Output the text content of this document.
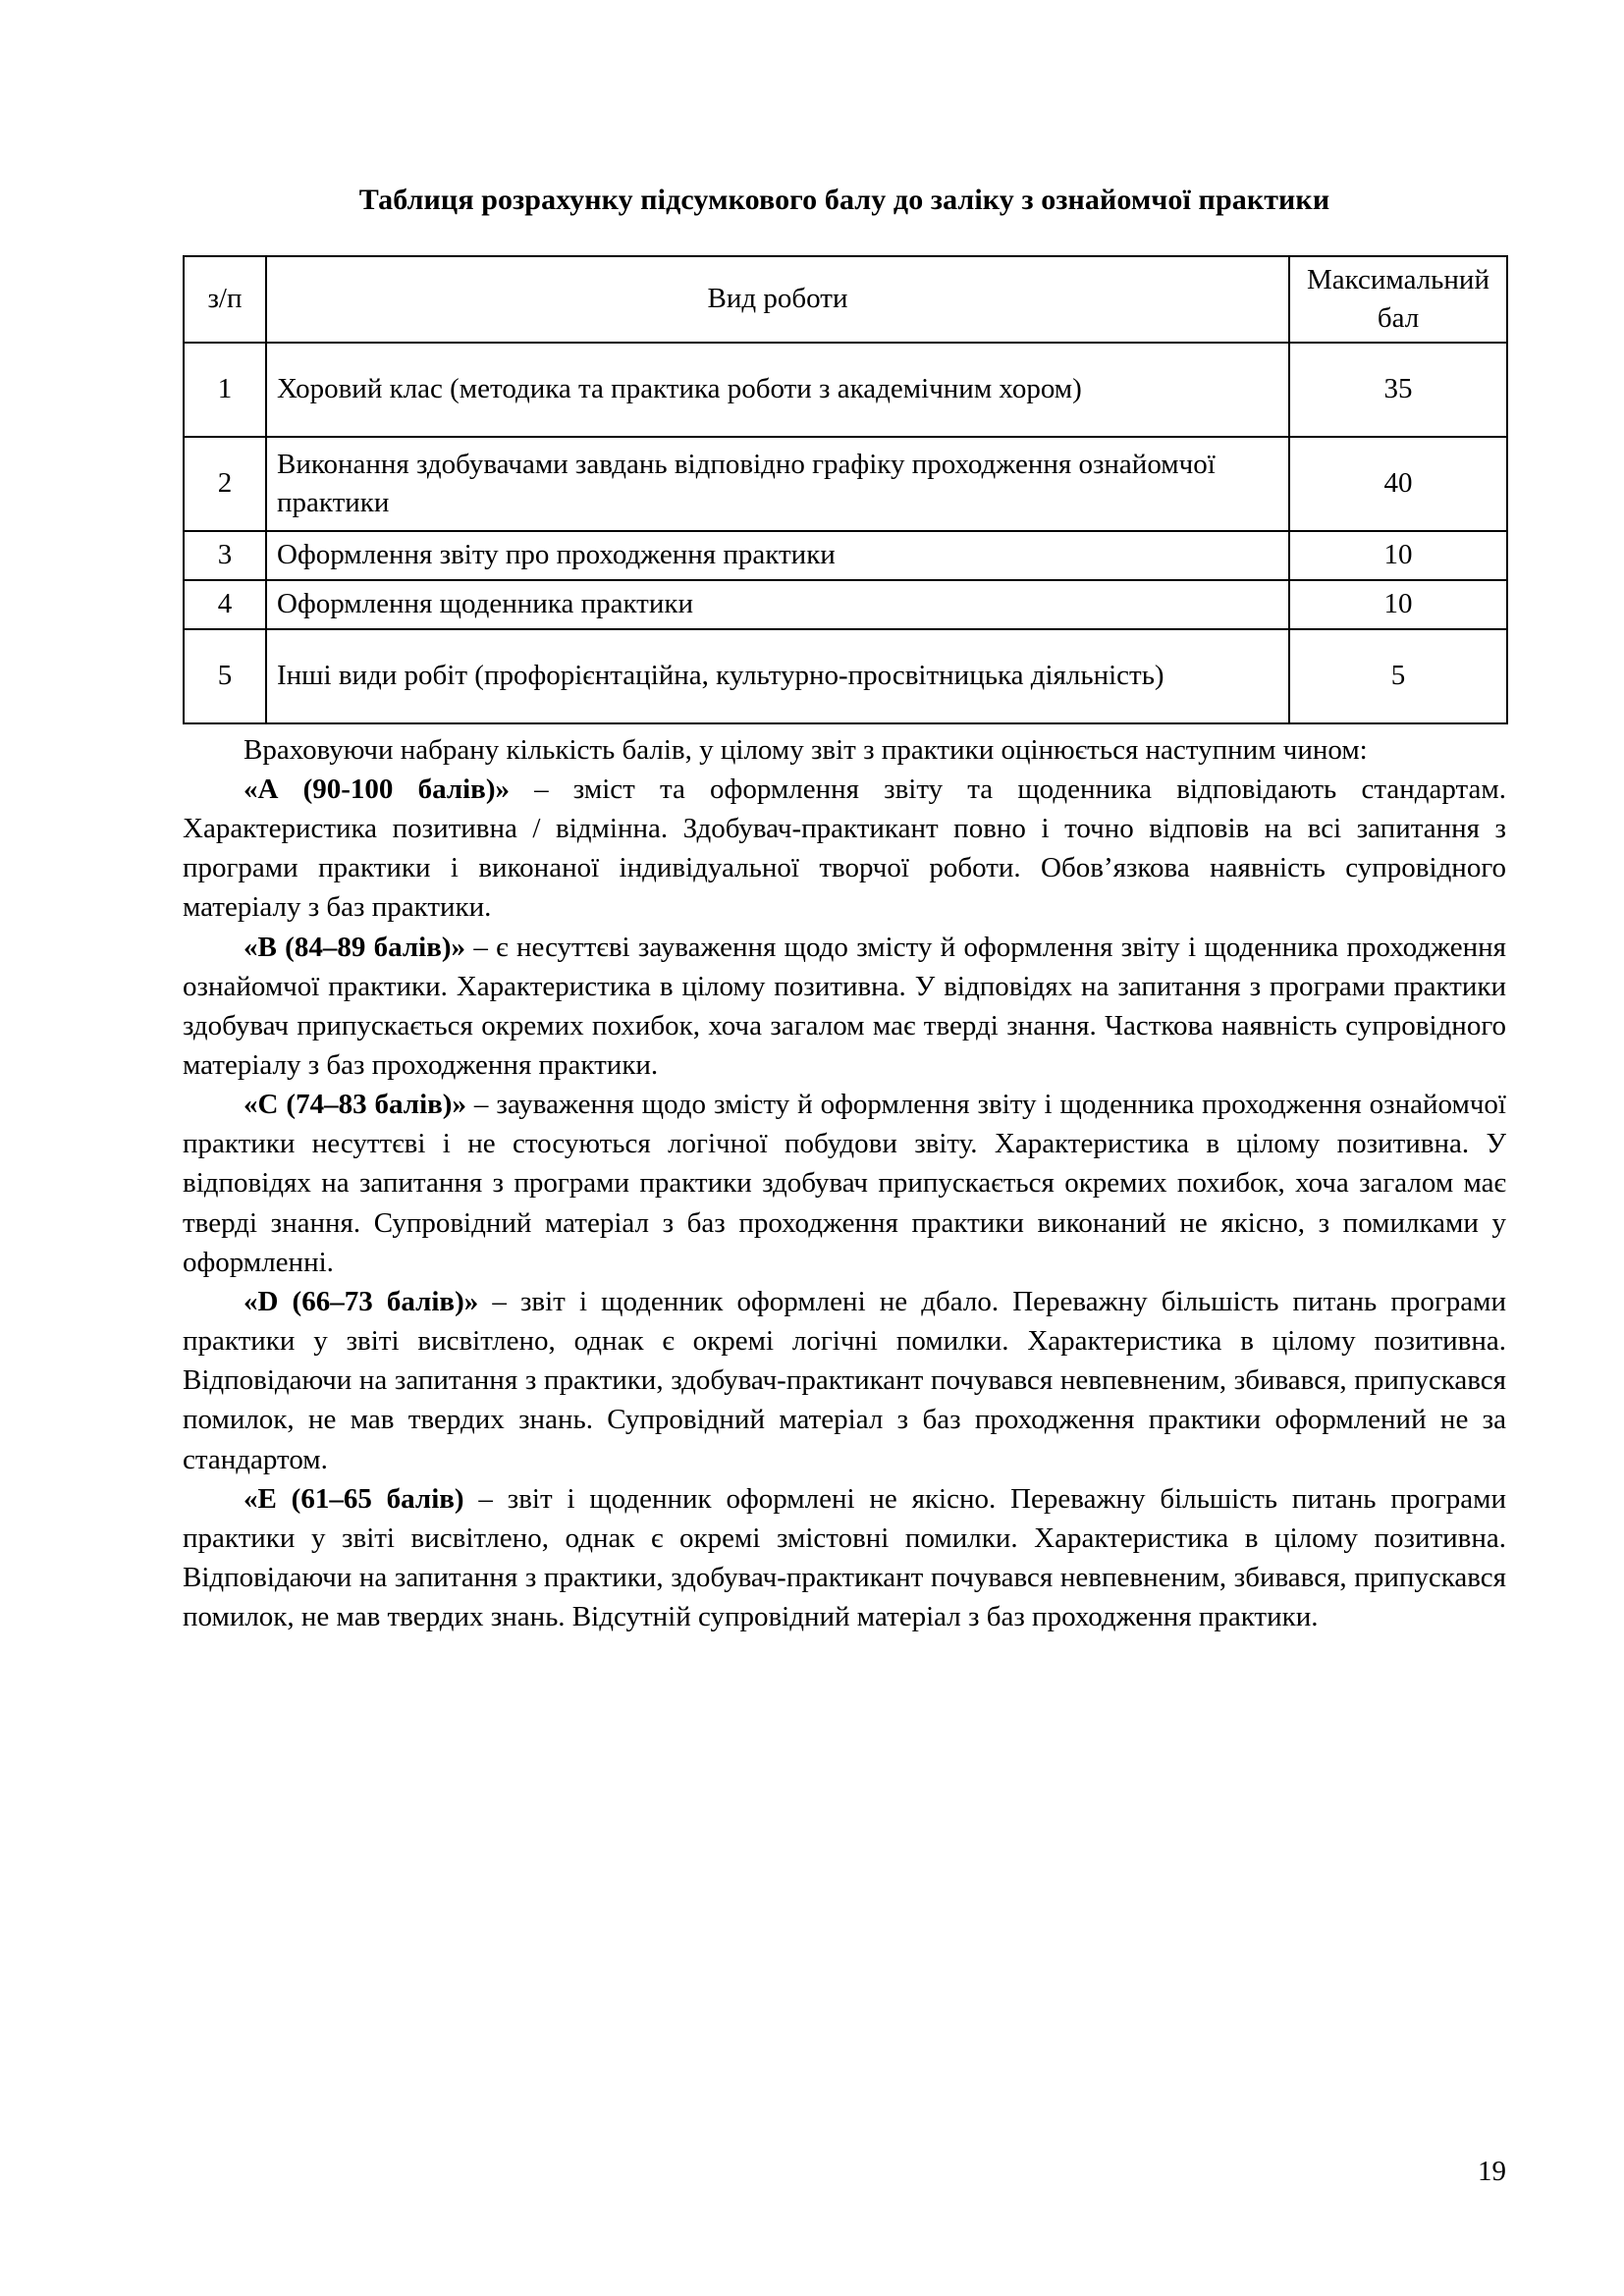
Таблиця розрахунку підсумкового балу до заліку з ознайомчої практики
з/п	Вид роботи	Максимальний бал
1	Хоровий клас (методика та практика роботи з академічним хором)	35
2	Виконання здобувачами завдань відповідно графіку проходження ознайомчої практики	40
3	Оформлення звіту про проходження практики	10
4	Оформлення щоденника практики	10
5	Інші види робіт (профорієнтаційна, культурно-просвітницька діяльність)	5

Враховуючи набрану кількість балів, у цілому звіт з практики оцінюється наступним чином:

«А (90-100 балів)» – зміст та оформлення звіту та щоденника відповідають стандартам. Характеристика позитивна / відмінна. Здобувач-практикант повно і точно відповів на всі запитання з програми практики і виконаної індивідуальної творчої роботи. Обов’язкова наявність супровідного матеріалу з баз практики.

«В (84–89 балів)» – є несуттєві зауваження щодо змісту й оформлення звіту і щоденника проходження ознайомчої практики. Характеристика в цілому позитивна. У відповідях на запитання з програми практики здобувач припускається окремих похибок, хоча загалом має тверді знання. Часткова наявність супровідного матеріалу з баз проходження практики.

«С (74–83 балів)» – зауваження щодо змісту й оформлення звіту і щоденника проходження ознайомчої практики несуттєві і не стосуються логічної побудови звіту. Характеристика в цілому позитивна. У відповідях на запитання з програми практики здобувач припускається окремих похибок, хоча загалом має тверді знання. Супровідний матеріал з баз проходження практики виконаний не якісно, з помилками у оформленні.

«D (66–73 балів)» – звіт і щоденник оформлені не дбало. Переважну більшість питань програми практики у звіті висвітлено, однак є окремі логічні помилки. Характеристика в цілому позитивна. Відповідаючи на запитання з практики, здобувач-практикант почувався невпевненим, збивався, припускався помилок, не мав твердих знань. Супровідний матеріал з баз проходження практики оформлений не за стандартом.

«Е (61–65 балів) – звіт і щоденник оформлені не якісно. Переважну більшість питань програми практики у звіті висвітлено, однак є окремі змістовні помилки. Характеристика в цілому позитивна. Відповідаючи на запитання з практики, здобувач-практикант почувався невпевненим, збивався, припускався помилок, не мав твердих знань. Відсутній супровідний матеріал з баз проходження практики.

19
